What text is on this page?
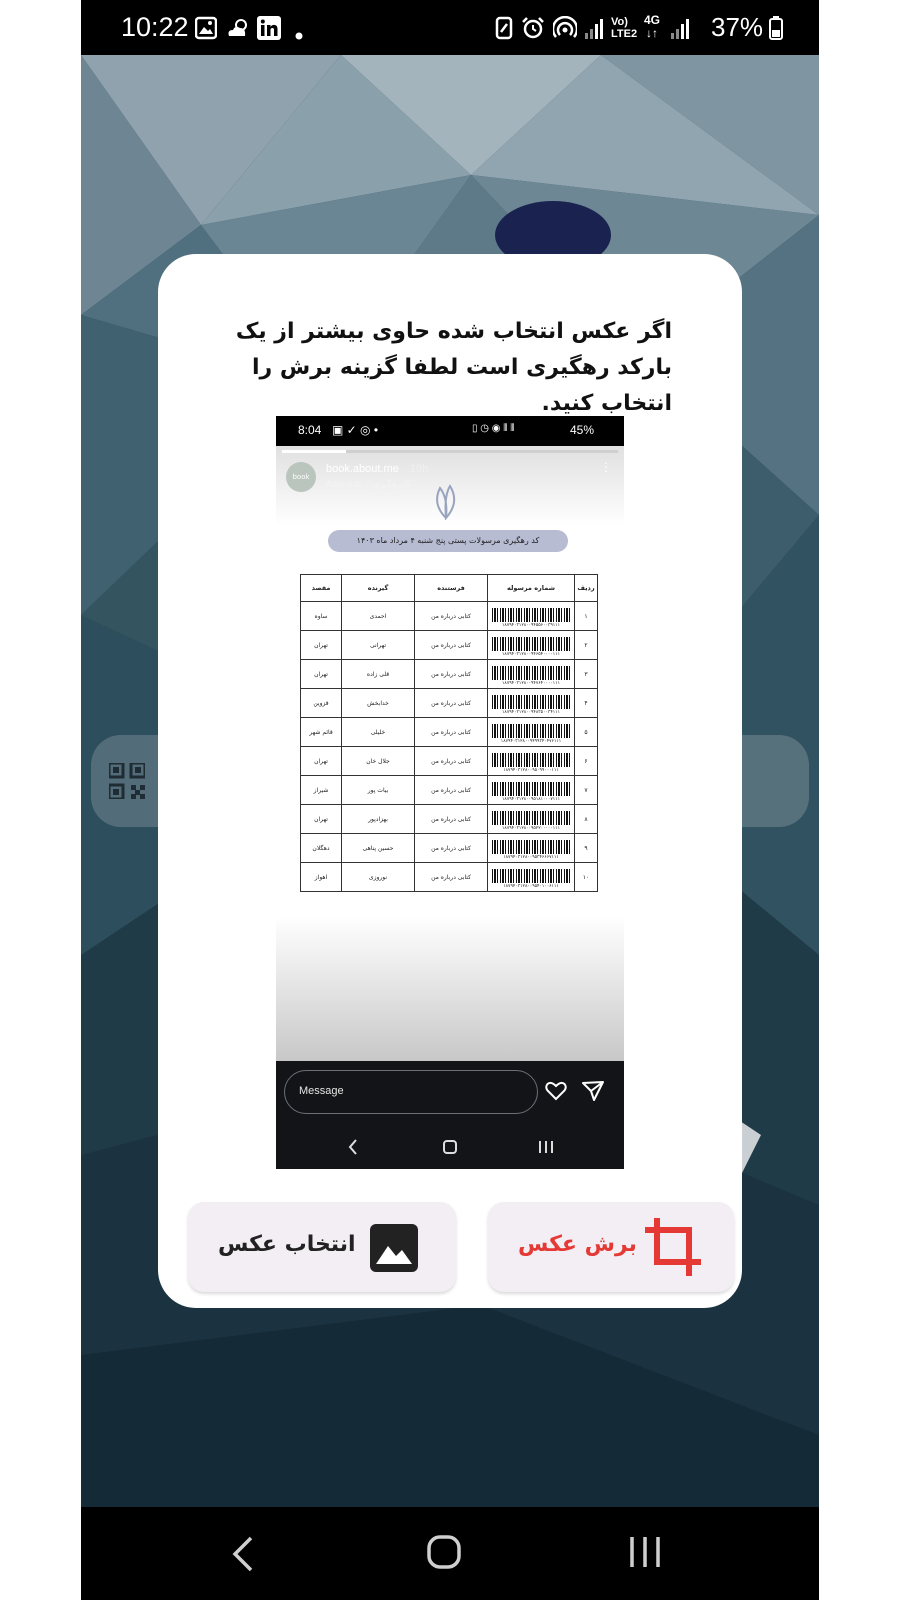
10:22	Vo)
LTE2
4G
↓↑ 37%

اگر عکس انتخاب شده حاوی بیشتر از یک بارکد رهگیری است لطفا گزینه برش را انتخاب کنید.

8:04 ▣ ✓ ◎ •	▯ ◷ ◉ ⫴ ⫴	45%
book
book.about.me 19h
Added to ۰-کدرهگیری
⋮
کد رهگیری مرسولات پستی پنج شنبه ۴ مرداد ماه ۱۴۰۳
ردیف	شماره مرسوله	فرستنده	گیرنده	مقصد
۱	۱۸۷۹۴۰۳۱۲۸۰۰۹۴۵۵۶۰۰۳۹۱۱۱	کتابی درباره من	احمدی	ساوه
۲	۱۸۷۹۴۰۳۱۲۸۰۰۹۴۶۵۴۰۰۰۰۱۱۱	کتابی درباره من	تهرانی	تهران
۳	۱۸۷۹۴۰۳۱۲۸۰۰۹۴۷۶۴۰۰۰۰۱۱۱	کتابی درباره من	قلی زاده	تهران
۴	۱۸۷۹۴۰۳۱۲۸۰۰۹۴۸۳۵۰۰۳۴۱۱۱	کتابی درباره من	خدابخش	قزوین
۵	۱۸۷۹۴۰۳۱۲۸۰۰۹۴۹۹۳۴۰۴۷۶۱۱۱	کتابی درباره من	خلیلی	قائم شهر
۶	۱۸۷۹۴۰۳۱۲۸۰۰۹۵۰۹۹۰۰۰۱۱۱	کتابی درباره من	جلال خان	تهران
۷	۱۸۷۹۴۰۳۱۲۸۰۰۹۵۱۸۱۰۰۰۷۱۱۱	کتابی درباره من	بیات پور	شیراز
۸	۱۸۷۹۴۰۳۱۲۸۰۰۹۵۲۲۰۰۰۰۰۱۱۱	کتابی درباره من	بهزادپور	تهران
۹	۱۸۷۹۴۰۳۱۲۸۰۰۹۵۳۴۶۶۶۷۱۱۱	کتابی درباره من	حسین پناهی	دهگلان
۱۰	۱۸۷۹۴۰۳۱۲۸۰۰۹۵۴۰۱۰۰۶۱۱۱	کتابی درباره من	نوروزی	اهواز
Message
برش عکس
انتخاب عکس
